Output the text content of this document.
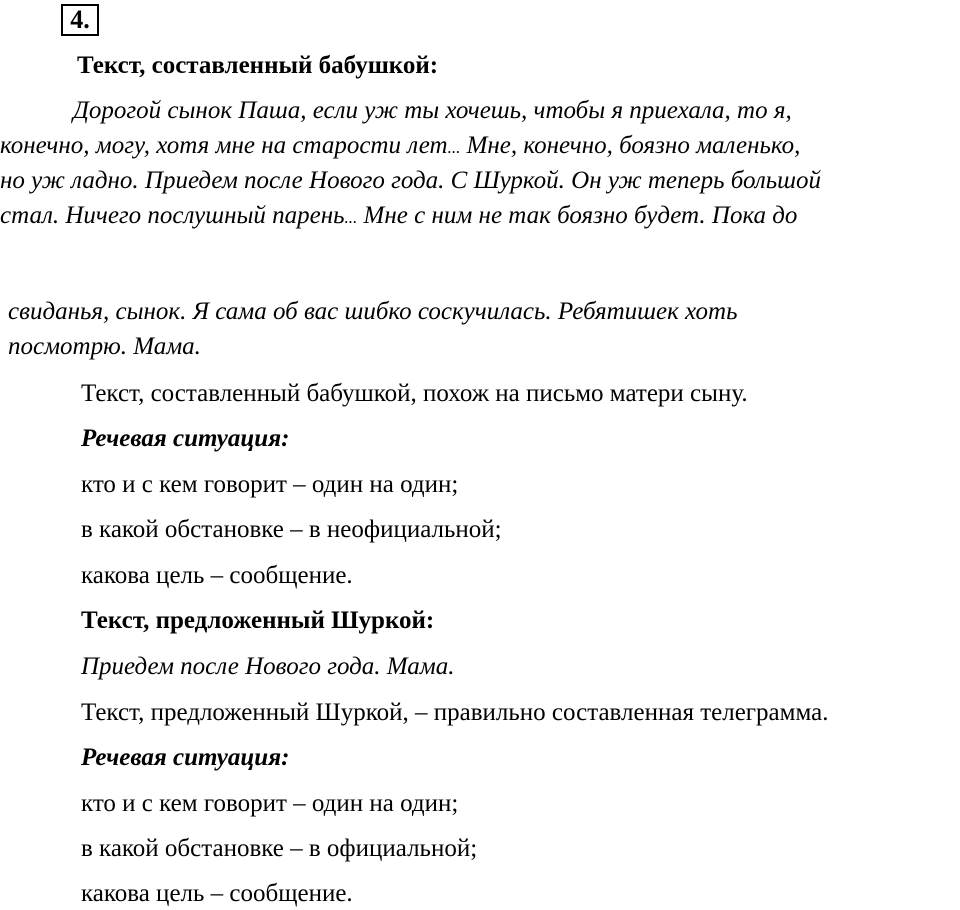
4.
Текст, составленный бабушкой:
Дорогой сынок Паша, если уж ты хочешь, чтобы я приехала, то я,
конечно, могу, хотя мне на старости лет... Мне, конечно, боязно маленько,
но уж ладно. Приедем после Нового года. С Шуркой. Он уж теперь большой
стал. Ничего послушный парень... Мне с ним не так боязно будет. Пока до
свиданья, сынок. Я сама об вас шибко соскучилась. Ребятишек хоть
посмотрю. Мама.
Текст, составленный бабушкой, похож на письмо матери сыну.
Речевая ситуация:
кто и с кем говорит – один на один;
в какой обстановке – в неофициальной;
какова цель – сообщение.
Текст, предложенный Шуркой:
Приедем после Нового года. Мама.
Текст, предложенный Шуркой, – правильно составленная телеграмма.
Речевая ситуация:
кто и с кем говорит – один на один;
в какой обстановке – в официальной;
какова цель – сообщение.
